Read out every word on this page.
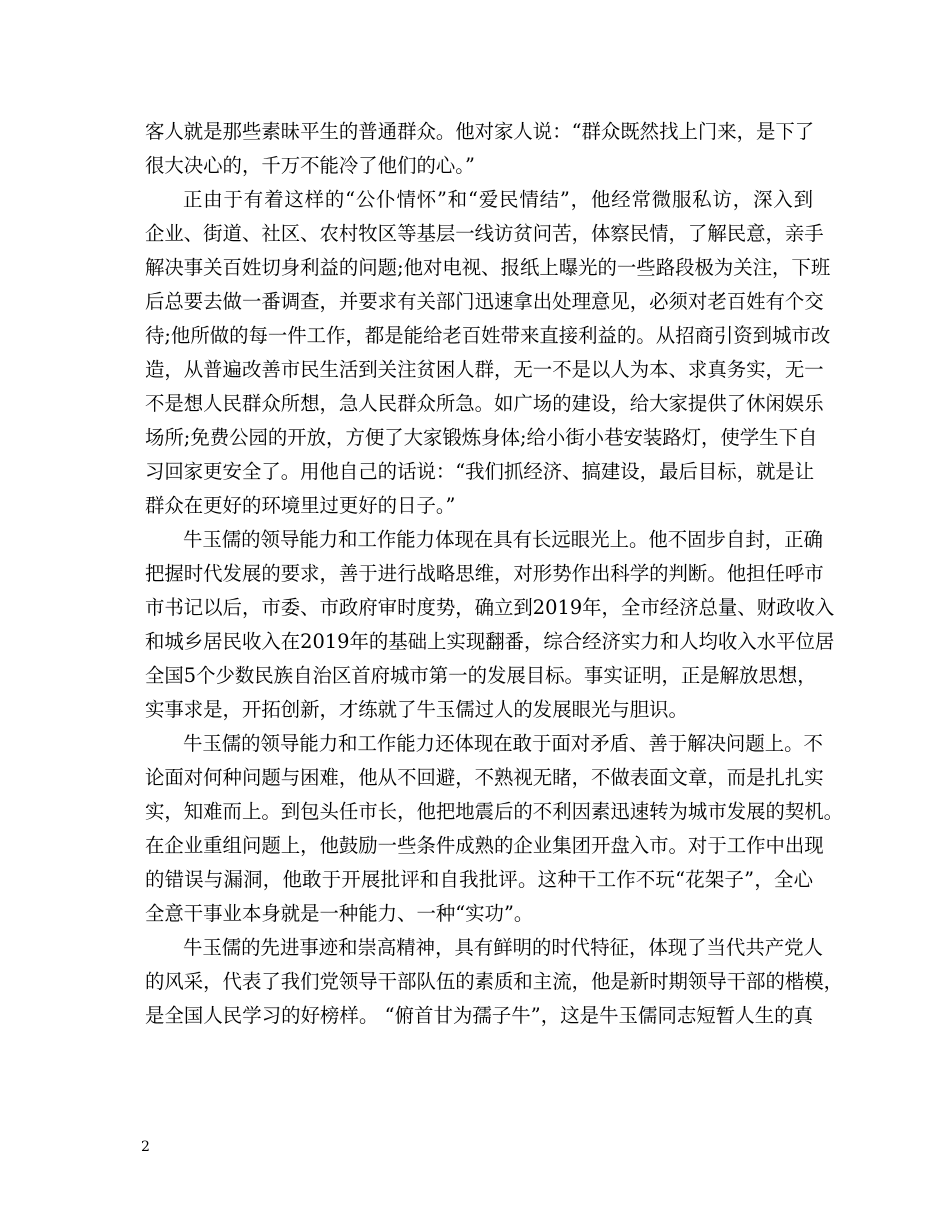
客人就是那些素昧平生的普通群众。他对家人说：“群众既然找上门来，是下了
很大决心的，千万不能冷了他们的心。”
正由于有着这样的“公仆情怀”和“爱民情结”，他经常微服私访，深入到
企业、街道、社区、农村牧区等基层一线访贫问苦，体察民情，了解民意，亲手
解决事关百姓切身利益的问题;他对电视、报纸上曝光的一些路段极为关注，下班
后总要去做一番调查，并要求有关部门迅速拿出处理意见，必须对老百姓有个交
待;他所做的每一件工作，都是能给老百姓带来直接利益的。从招商引资到城市改
造，从普遍改善市民生活到关注贫困人群，无一不是以人为本、求真务实，无一
不是想人民群众所想，急人民群众所急。如广场的建设，给大家提供了休闲娱乐
场所;免费公园的开放，方便了大家锻炼身体;给小街小巷安装路灯，使学生下自
习回家更安全了。用他自己的话说：“我们抓经济、搞建设，最后目标，就是让
群众在更好的环境里过更好的日子。”
牛玉儒的领导能力和工作能力体现在具有长远眼光上。他不固步自封，正确
把握时代发展的要求，善于进行战略思维，对形势作出科学的判断。他担任呼市
市书记以后，市委、市政府审时度势，确立到2019年，全市经济总量、财政收入
和城乡居民收入在2019年的基础上实现翻番，综合经济实力和人均收入水平位居
全国5个少数民族自治区首府城市第一的发展目标。事实证明，正是解放思想，
实事求是，开拓创新，才练就了牛玉儒过人的发展眼光与胆识。
牛玉儒的领导能力和工作能力还体现在敢于面对矛盾、善于解决问题上。不
论面对何种问题与困难，他从不回避，不熟视无睹，不做表面文章，而是扎扎实
实，知难而上。到包头任市长，他把地震后的不利因素迅速转为城市发展的契机。
在企业重组问题上，他鼓励一些条件成熟的企业集团开盘入市。对于工作中出现
的错误与漏洞，他敢于开展批评和自我批评。这种干工作不玩“花架子”，全心
全意干事业本身就是一种能力、一种“实功”。
牛玉儒的先进事迹和崇高精神，具有鲜明的时代特征，体现了当代共产党人
的风采，代表了我们党领导干部队伍的素质和主流，他是新时期领导干部的楷模，
是全国人民学习的好榜样。 “俯首甘为孺子牛”，这是牛玉儒同志短暂人生的真
2
